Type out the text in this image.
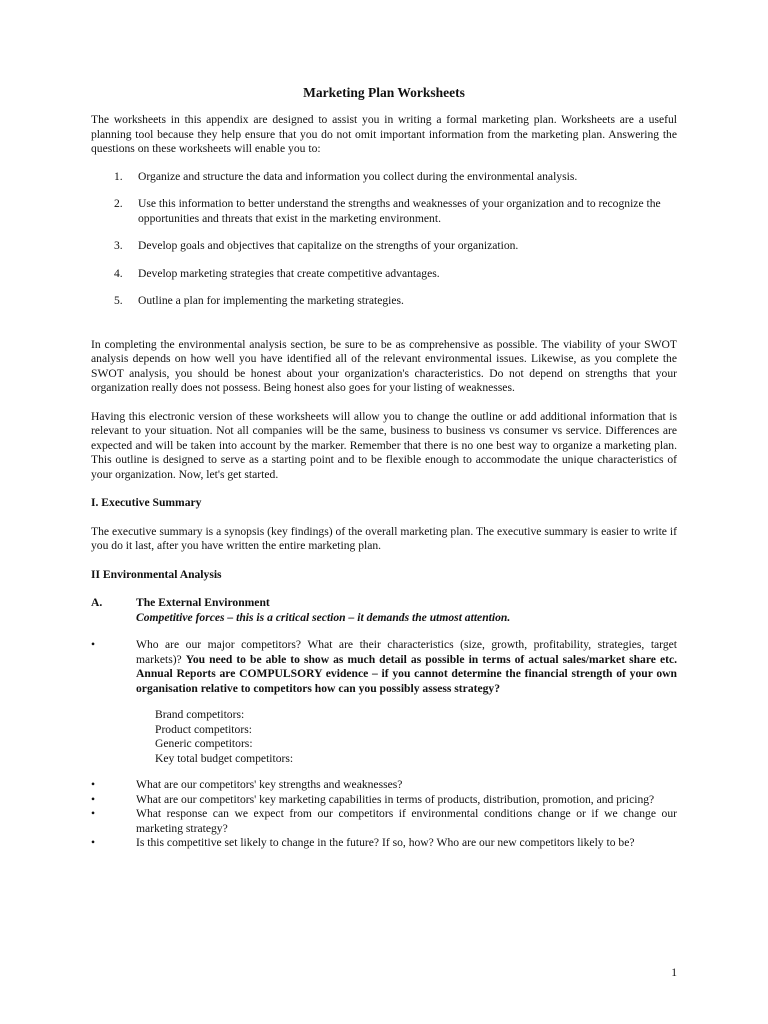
Marketing Plan Worksheets

The worksheets in this appendix are designed to assist you in writing a formal marketing plan. Worksheets are a useful planning tool because they help ensure that you do not omit important information from the marketing plan. Answering the questions on these worksheets will enable you to:

1. Organize and structure the data and information you collect during the environmental analysis.
2. Use this information to better understand the strengths and weaknesses of your organization and to recognize the opportunities and threats that exist in the marketing environment.
3. Develop goals and objectives that capitalize on the strengths of your organization.
4. Develop marketing strategies that create competitive advantages.
5. Outline a plan for implementing the marketing strategies.

In completing the environmental analysis section, be sure to be as comprehensive as possible. The viability of your SWOT analysis depends on how well you have identified all of the relevant environmental issues. Likewise, as you complete the SWOT analysis, you should be honest about your organization's characteristics. Do not depend on strengths that your organization really does not possess. Being honest also goes for your listing of weaknesses.

Having this electronic version of these worksheets will allow you to change the outline or add additional information that is relevant to your situation. Not all companies will be the same, business to business vs consumer vs service. Differences are expected and will be taken into account by the marker. Remember that there is no one best way to organize a marketing plan. This outline is designed to serve as a starting point and to be flexible enough to accommodate the unique characteristics of your organization. Now, let's get started.

I. Executive Summary

The executive summary is a synopsis (key findings) of the overall marketing plan. The executive summary is easier to write if you do it last, after you have written the entire marketing plan.

II Environmental Analysis
A.	The External Environment
Competitive forces – this is a critical section – it demands the utmost attention.
•	Who are our major competitors? What are their characteristics (size, growth, profitability, strategies, target markets)? You need to be able to show as much detail as possible in terms of actual sales/market share etc. Annual Reports are COMPULSORY evidence – if you cannot determine the financial strength of your own organisation relative to competitors how can you possibly assess strategy?
Brand competitors:
Product competitors:
Generic competitors:
Key total budget competitors:
•	What are our competitors' key strengths and weaknesses?
•	What are our competitors' key marketing capabilities in terms of products, distribution, promotion, and pricing?
•	What response can we expect from our competitors if environmental conditions change or if we change our marketing strategy?
•	Is this competitive set likely to change in the future? If so, how? Who are our new competitors likely to be?
1
